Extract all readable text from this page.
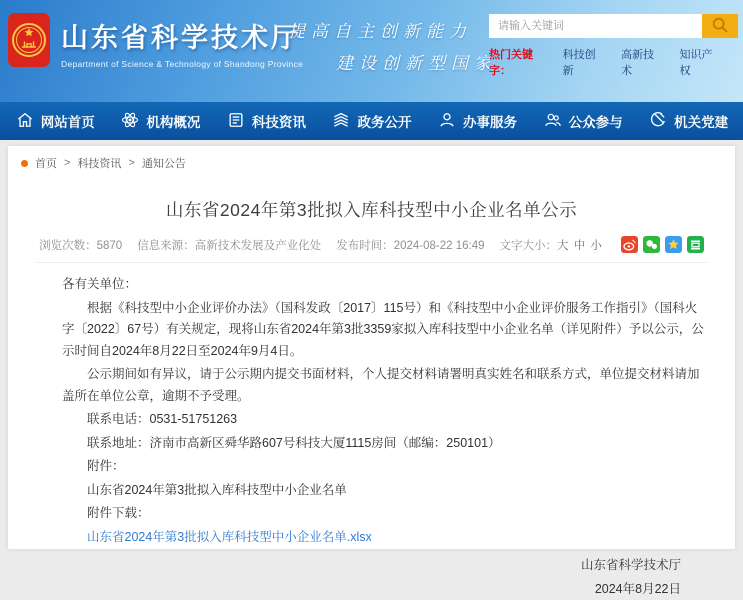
山东省科学技术厅
Department of Science & Technology of Shandong Province
提高自主创新能力
建设创新型国家
请输入关键词
热门关键字：
科技创新
高新技术
知识产权
网站首页	机构概况	科技资讯	政务公开	办事服务	公众参与	机关党建
首页 > 科技资讯 > 通知公告
山东省2024年第3批拟入库科技型中小企业名单公示
浏览次数：5870 信息来源：高新技术发展及产业化处 发布时间：2024-08-22 16:49 文字大小：大 中 小

各有关单位：

根据《科技型中小企业评价办法》（国科发政〔2017〕115号）和《科技型中小企业评价服务工作指引》（国科火字〔2022〕67号）有关规定，现将山东省2024年第3批3359家拟入库科技型中小企业名单（详见附件）予以公示，公示时间自2024年8月22日至2024年9月4日。

公示期间如有异议，请于公示期内提交书面材料，个人提交材料请署明真实姓名和联系方式，单位提交材料请加盖所在单位公章，逾期不予受理。

联系电话：0531-51751263

联系地址：济南市高新区舜华路607号科技大厦1115房间（邮编：250101）

附件：

山东省2024年第3批拟入库科技型中小企业名单

附件下载：

山东省2024年第3批拟入库科技型中小企业名单.xlsx

山东省科学技术厅

2024年8月22日
